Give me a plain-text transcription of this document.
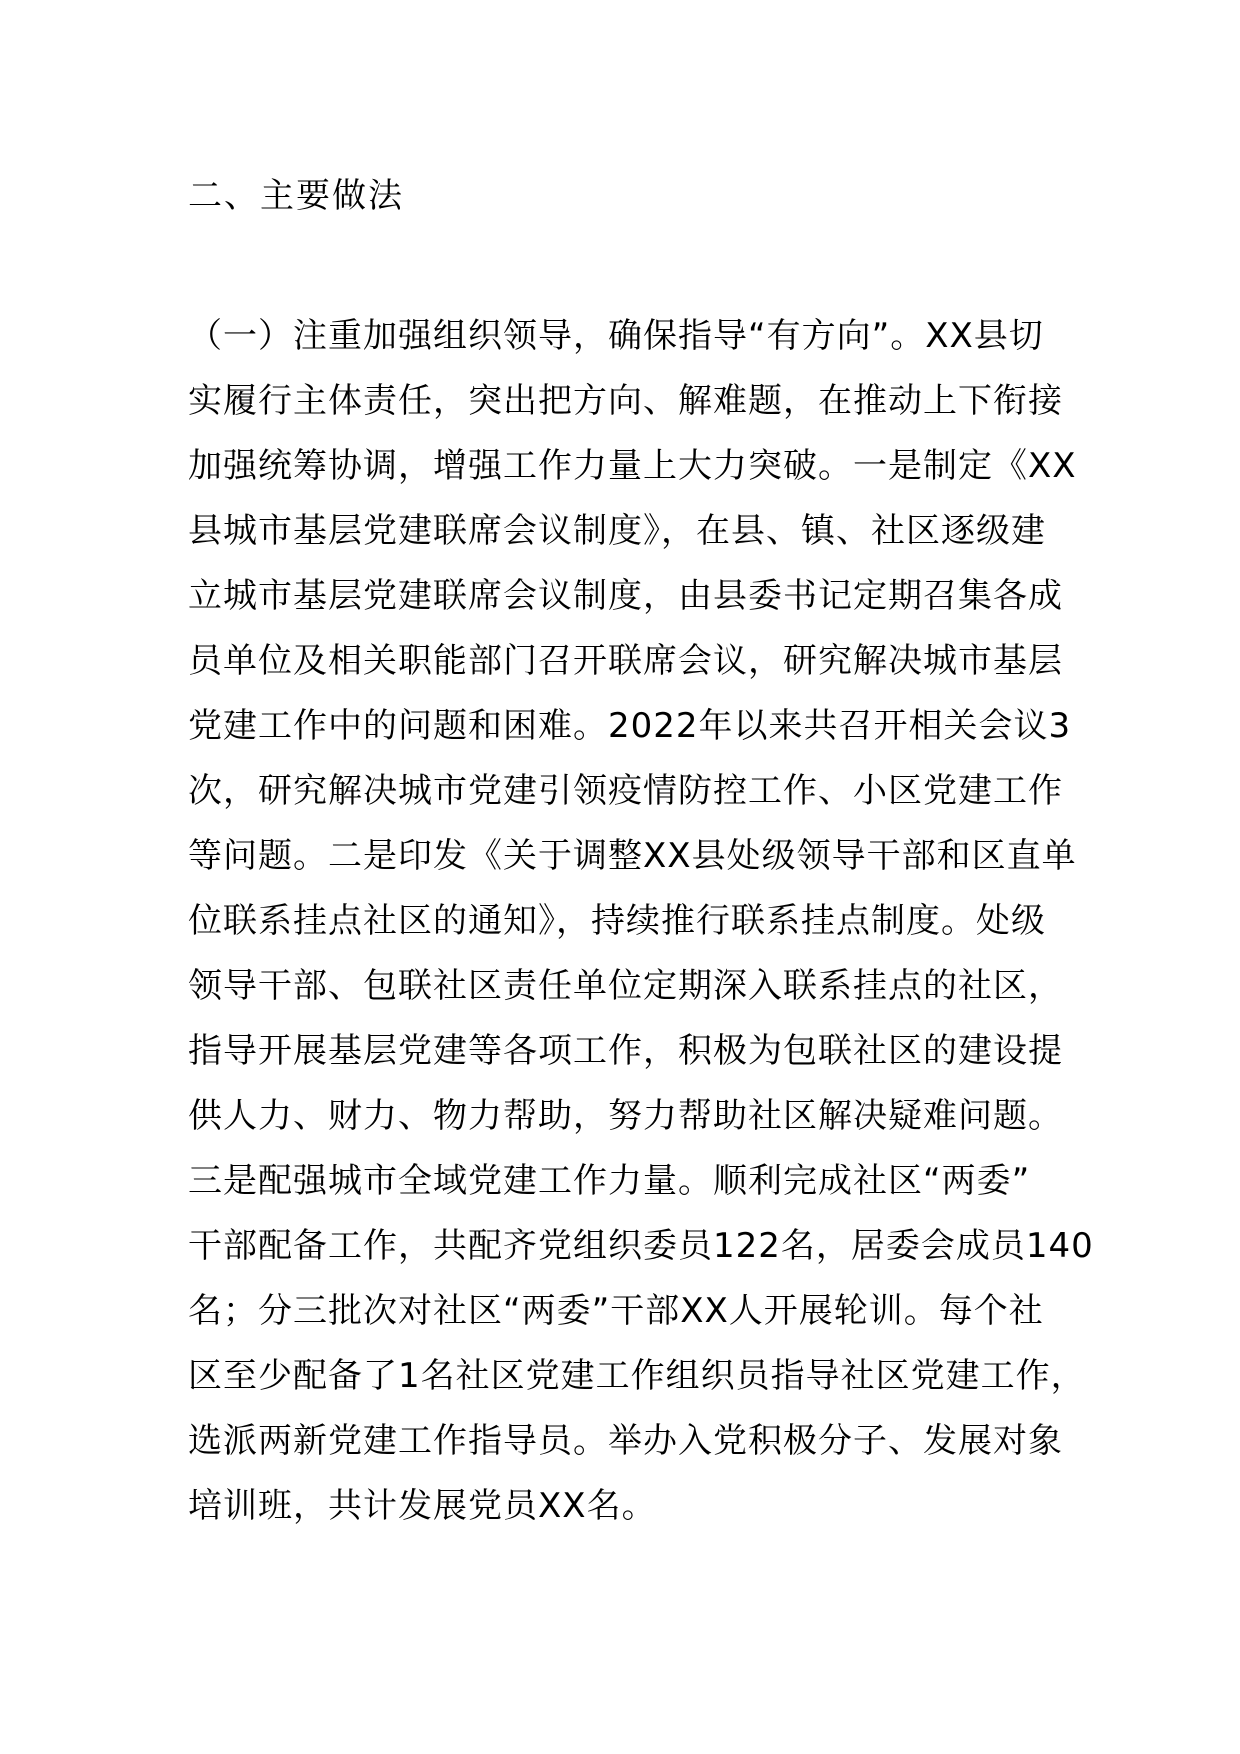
二、主要做法
（一）注重加强组织领导，确保指导“有方向”。XX县切
实履行主体责任，突出把方向、解难题，在推动上下衔接
加强统筹协调，增强工作力量上大力突破。一是制定《XX
县城市基层党建联席会议制度》，在县、镇、社区逐级建
立城市基层党建联席会议制度，由县委书记定期召集各成
员单位及相关职能部门召开联席会议，研究解决城市基层
党建工作中的问题和困难。2022年以来共召开相关会议3
次，研究解决城市党建引领疫情防控工作、小区党建工作
等问题。二是印发《关于调整XX县处级领导干部和区直单
位联系挂点社区的通知》，持续推行联系挂点制度。处级
领导干部、包联社区责任单位定期深入联系挂点的社区，
指导开展基层党建等各项工作，积极为包联社区的建设提
供人力、财力、物力帮助，努力帮助社区解决疑难问题。
三是配强城市全域党建工作力量。顺利完成社区“两委”
干部配备工作，共配齐党组织委员122名，居委会成员140
名；分三批次对社区“两委”干部XX人开展轮训。每个社
区至少配备了1名社区党建工作组织员指导社区党建工作，
选派两新党建工作指导员。举办入党积极分子、发展对象
培训班，共计发展党员XX名。
